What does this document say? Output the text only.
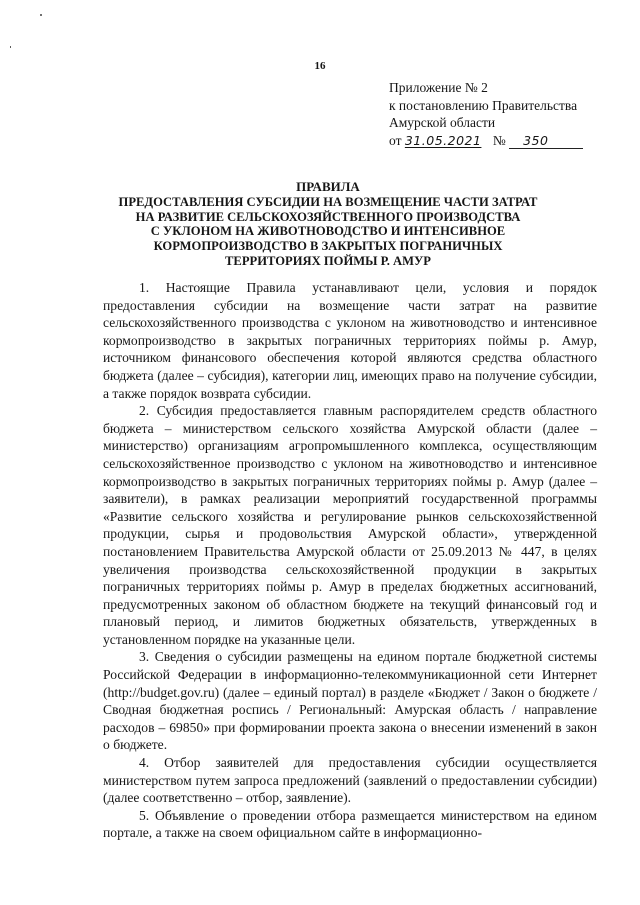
16
Приложение № 2
к постановлению Правительства
Амурской области
от 31.05.2021 № 350
ПРАВИЛА
ПРЕДОСТАВЛЕНИЯ СУБСИДИИ НА ВОЗМЕЩЕНИЕ ЧАСТИ ЗАТРАТ
НА РАЗВИТИЕ СЕЛЬСКОХОЗЯЙСТВЕННОГО ПРОИЗВОДСТВА
С УКЛОНОМ НА ЖИВОТНОВОДСТВО И ИНТЕНСИВНОЕ
КОРМОПРОИЗВОДСТВО В ЗАКРЫТЫХ ПОГРАНИЧНЫХ
ТЕРРИТОРИЯХ ПОЙМЫ Р. АМУР

1. Настоящие Правила устанавливают цели, условия и порядок предоставления субсидии на возмещение части затрат на развитие сельскохозяйственного производства с уклоном на животноводство и интенсивное кормопроизводство в закрытых пограничных территориях поймы р. Амур, источником финансового обеспечения которой являются средства областного бюджета (далее – субсидия), категории лиц, имеющих право на получение субсидии, а также порядок возврата субсидии.

2. Субсидия предоставляется главным распорядителем средств областного бюджета – министерством сельского хозяйства Амурской области (далее – министерство) организациям агропромышленного комплекса, осуществляющим сельскохозяйственное производство с уклоном на животноводство и интенсивное кормопроизводство в закрытых пограничных территориях поймы р. Амур (далее – заявители), в рамках реализации мероприятий государственной программы «Развитие сельского хозяйства и регулирование рынков сельскохозяйственной продукции, сырья и продовольствия Амурской области», утвержденной постановлением Правительства Амурской области от 25.09.2013 № 447, в целях увеличения производства сельскохозяйственной продукции в закрытых пограничных территориях поймы р. Амур в пределах бюджетных ассигнований, предусмотренных законом об областном бюджете на текущий финансовый год и плановый период, и лимитов бюджетных обязательств, утвержденных в установленном порядке на указанные цели.

3. Сведения о субсидии размещены на едином портале бюджетной системы Российской Федерации в информационно-телекоммуникационной сети Интернет (http://budget.gov.ru) (далее – единый портал) в разделе «Бюджет / Закон о бюджете / Сводная бюджетная роспись / Региональный: Амурская область / направление расходов – 69850» при формировании проекта закона о внесении изменений в закон о бюджете.

4. Отбор заявителей для предоставления субсидии осуществляется министерством путем запроса предложений (заявлений о предоставлении субсидии) (далее соответственно – отбор, заявление).

5. Объявление о проведении отбора размещается министерством на едином портале, а также на своем официальном сайте в информационно-
